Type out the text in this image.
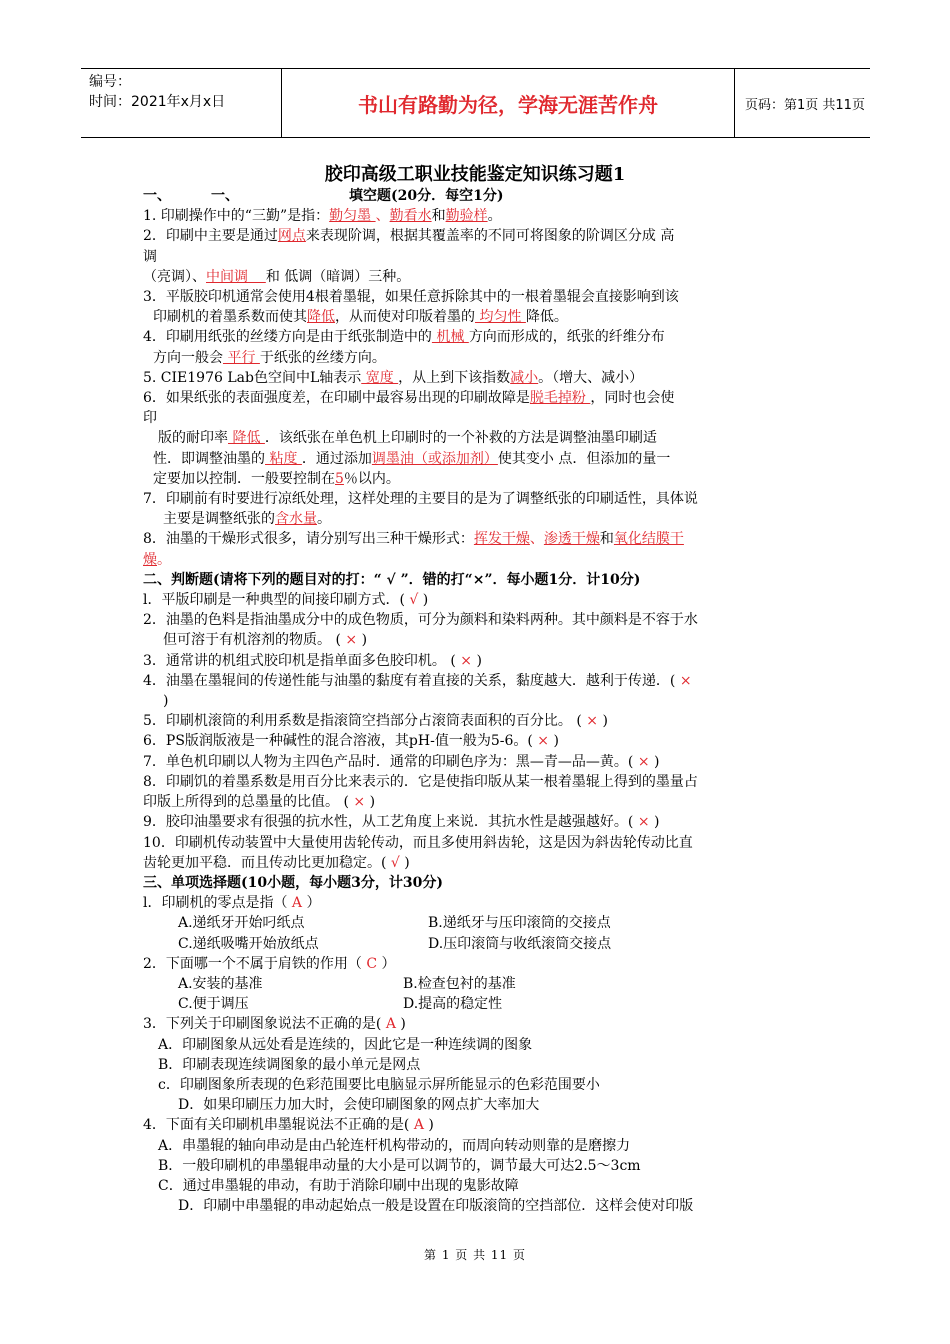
编号：
时间：2021年x月x日	书山有路勤为径，学海无涯苦作舟	页码：第1页 共11页
胶印高级工职业技能鉴定知识练习题1
一、	一、	填空题(20分．每空1分)
1. 印刷操作中的“三勤”是指：勤匀墨 、勤看水和勤验样。
2．印刷中主要是通过网点来表现阶调，根据其覆盖率的不同可将图象的阶调区分成 高
调
（亮调）、中间调 和 低调（暗调）三种。
3．平版胶印机通常会使用4根着墨辊，如果任意拆除其中的一根着墨辊会直接影响到该
印刷机的着墨系数而使其降低，从而使对印版着墨的 均匀性 降低。
4．印刷用纸张的丝缕方向是由于纸张制造中的 机械 方向而形成的，纸张的纤维分布
方向一般会 平行 于纸张的丝缕方向。
5. CIE1976 Lab色空间中L轴表示 宽度 ，从上到下该指数减小。（增大、减小）
6．如果纸张的表面强度差，在印刷中最容易出现的印刷故障是脱毛掉粉 ，同时也会使
印
版的耐印率 降低 ．该纸张在单色机上印刷时的一个补救的方法是调整油墨印刷适
性．即调整油墨的 粘度 ．通过添加调墨油（或添加剂）使其变小 点．但添加的量一
定要加以控制．一般要控制在5％以内。
7．印刷前有时要进行凉纸处理，这样处理的主要目的是为了调整纸张的印刷适性，具体说
主要是调整纸张的含水量。
8．油墨的干燥形式很多，请分别写出三种干燥形式：挥发干燥、渗透干燥和氧化结膜干
燥。
二、判断题(请将下列的题目对的打：“ √ ”．错的打“×”．每小题1分．计10分)
l．平版印刷是一种典型的间接印刷方式．( √ )
2．油墨的色料是指油墨成分中的成色物质，可分为颜料和染料两种。其中颜料是不容于水
但可溶于有机溶剂的物质。 ( × )
3．通常讲的机组式胶印机是指单面多色胶印机。 ( × )
4．油墨在墨辊间的传递性能与油墨的黏度有着直接的关系，黏度越大．越利于传递．( ×
)
5．印刷机滚筒的利用系数是指滚筒空挡部分占滚筒表面积的百分比。 ( × )
6．PS版润版液是一种碱性的混合溶液，其pH-值一般为5-6。( × )
7．单色机印刷以人物为主四色产品时．通常的印刷色序为：黑—青—品—黄。( × )
8．印刷饥的着墨系数是用百分比来表示的．它是使指印版从某一根着墨辊上得到的墨量占
印版上所得到的总墨量的比值。 ( × )
9．胶印油墨要求有很强的抗水性，从工艺角度上来说．其抗水性是越强越好。( × )
10．印刷机传动装置中大量使用齿轮传动，而且多使用斜齿轮，这是因为斜齿轮传动比直
齿轮更加平稳．而且传动比更加稳定。( √ )
三、单项选择题(10小题，每小题3分，计30分)
l．印刷机的零点是指（ A ）
A.递纸牙开始叼纸点	B.递纸牙与压印滚筒的交接点
C.递纸吸嘴开始放纸点	D.压印滚筒与收纸滚筒交接点
2．下面哪一个不属于肩铁的作用（ C ）
A.安装的基准	B.检查包衬的基准
C.便于调压	D.提高的稳定性
3．下列关于印刷图象说法不正确的是( A )
A．印刷图象从远处看是连续的，因此它是一种连续调的图象
B．印刷表现连续调图象的最小单元是网点
c．印刷图象所表现的色彩范围要比电脑显示屏所能显示的色彩范围要小
D．如果印刷压力加大时，会使印刷图象的网点扩大率加大
4．下面有关印刷机串墨辊说法不正确的是( A )
A．串墨辊的轴向串动是由凸轮连杆机构带动的，而周向转动则靠的是磨擦力
B．一般印刷机的串墨辊串动量的大小是可以调节的，调节最大可达2.5～3cm
C．通过串墨辊的串动，有助于消除印刷中出现的鬼影故障
D．印刷中串墨辊的串动起始点一般是设置在印版滚筒的空挡部位．这样会使对印版
第 1 页 共 11 页
